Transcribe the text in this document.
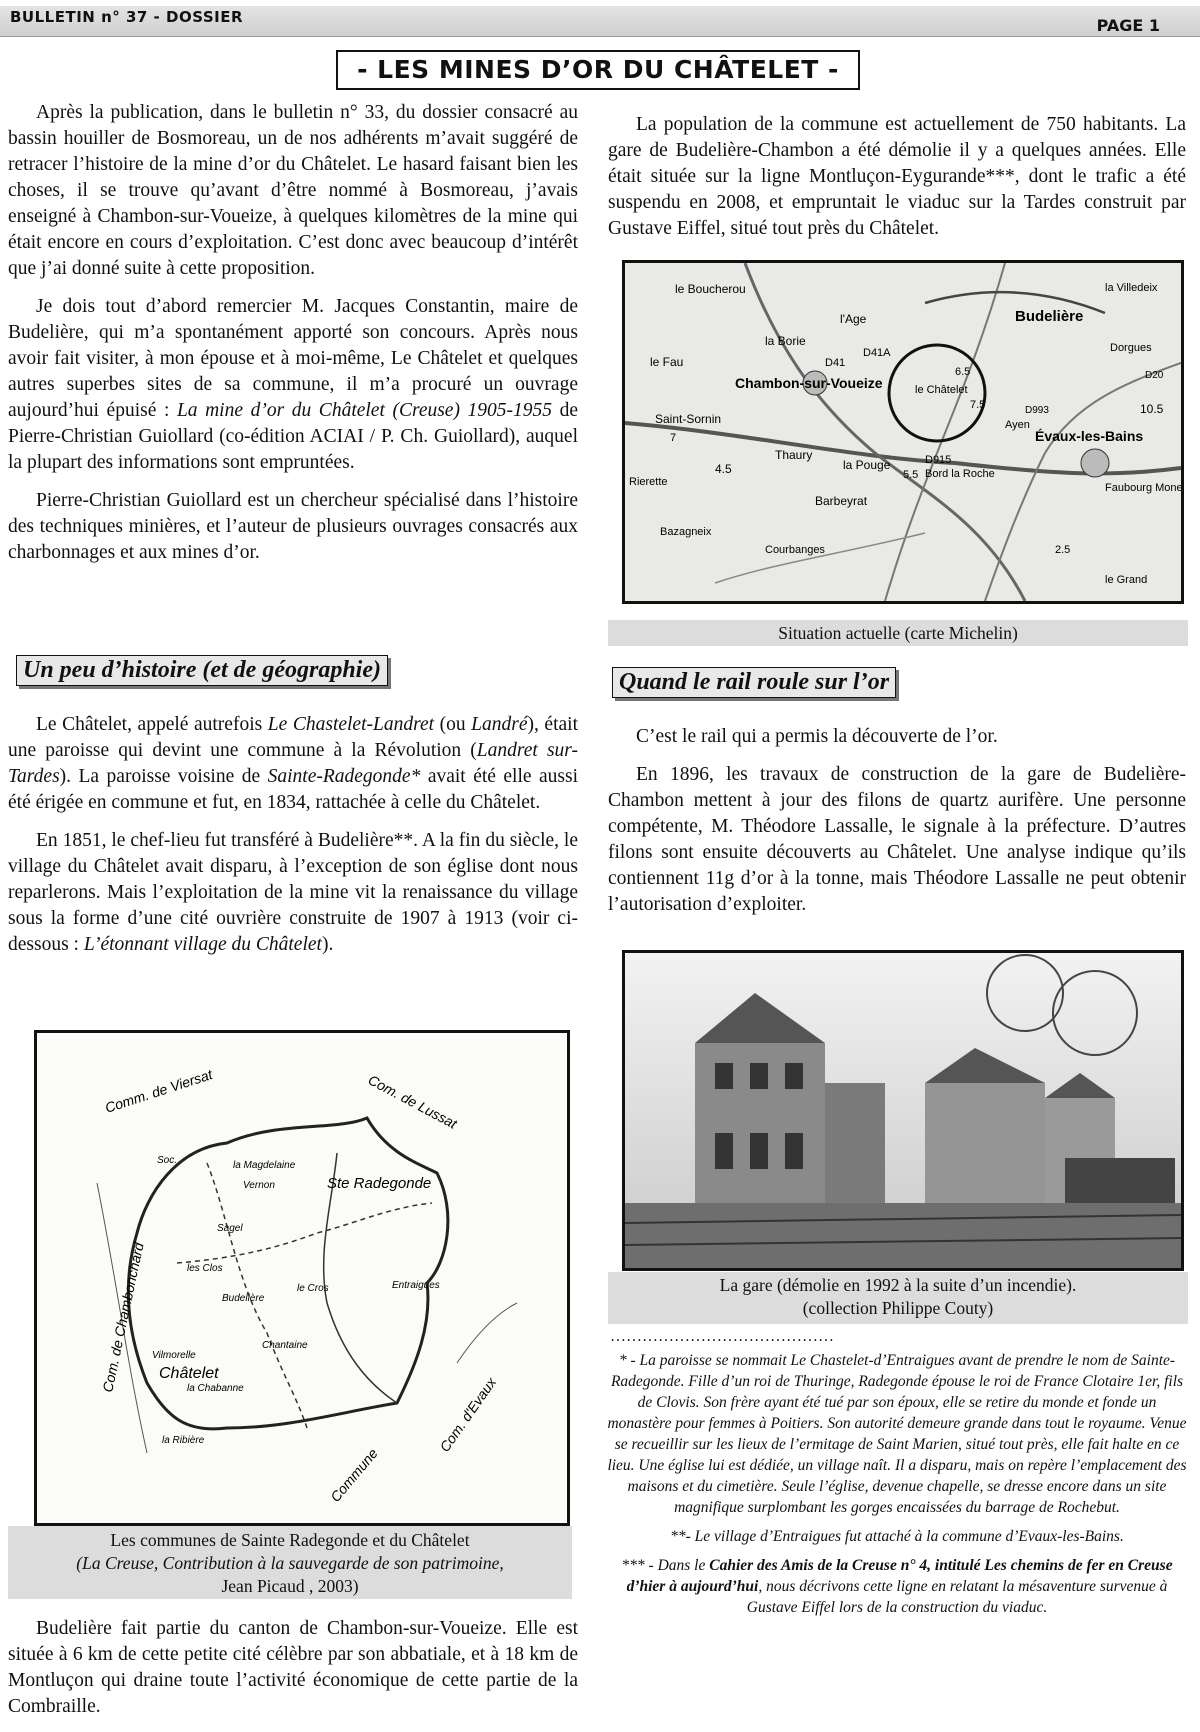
BULLETIN n° 37 - DOSSIER	PAGE 1
- LES MINES D’OR DU CHÂTELET -

Après la publication, dans le bulletin n° 33, du dossier consacré au bassin houiller de Bosmoreau, un de nos adhérents m’avait suggéré de retracer l’histoire de la mine d’or du Châtelet. Le hasard faisant bien les choses, il se trouve qu’avant d’être nommé à Bosmoreau, j’avais enseigné à Chambon-sur-Voueize, à quelques kilomètres de la mine qui était encore en cours d’exploitation. C’est donc avec beaucoup d’intérêt que j’ai donné suite à cette proposition.

Je dois tout d’abord remercier M. Jacques Constantin, maire de Budelière, qui m’a spontanément apporté son concours. Après nous avoir fait visiter, à mon épouse et à moi-même, Le Châtelet et quelques autres superbes sites de sa commune, il m’a procuré un ouvrage aujourd’hui épuisé : La mine d’or du Châtelet (Creuse) 1905-1955 de Pierre-Christian Guiollard (co-édition ACIAI / P. Ch. Guiollard), auquel la plupart des informations sont empruntées.

Pierre-Christian Guiollard est un chercheur spécialisé dans l’histoire des techniques minières, et l’auteur de plusieurs ouvrages consacrés aux charbonnages et aux mines d’or.

Un peu d’histoire (et de géographie)

Le Châtelet, appelé autrefois Le Chastelet-Landret (ou Landré), était une paroisse qui devint une commune à la Révolution (Landret sur-Tardes). La paroisse voisine de Sainte-Radegonde* avait été elle aussi été érigée en commune et fut, en 1834, rattachée à celle du Châtelet.

En 1851, le chef-lieu fut transféré à Budelière**. A la fin du siècle, le village du Châtelet avait disparu, à l’exception de son église dont nous reparlerons. Mais l’exploitation de la mine vit la renaissance du village sous la forme d’une cité ouvrière construite de 1907 à 1913 (voir ci-dessous : L’étonnant village du Châtelet).

Comm. de Viersat	Com. de Lussat
Com. de Chambonchard
Com. d'Evaux
Commune
Ste Radegonde
Châtelet
la Magdelaine
Vernon
Sagel
les Clos
Budelière
la Chabanne
Chantaine
Entraigues
Soc.
la Ribière
le Cros
Vilmorelle
Les communes de Sainte Radegonde et du Châtelet
(La Creuse, Contribution à la sauvegarde de son patrimoine,
Jean Picaud , 2003)

Budelière fait partie du canton de Chambon-sur-Voueize. Elle est située à 6 km de cette petite cité célèbre par son abbatiale, et à 18 km de Montluçon qui draine toute l’activité économique de cette partie de la Combraille.

La population de la commune est actuellement de 750 habitants. La gare de Budelière-Chambon a été démolie il y a quelques années. Elle était située sur la ligne Montluçon-Eygurande***, dont le trafic a été suspendu en 2008, et empruntait le viaduc sur la Tardes construit par Gustave Eiffel, situé tout près du Châtelet.

le Boucherou
l'Age	Budelière
la Villedeix
la Borie	Dorgues
le Fau	D41
D41A
Chambon-sur-Voueize	le Châtelet
Saint-Sornin	Ayen
Évaux-les-Bains
Thaury
la Pouge	D915
Bord la Roche
Barbeyrat
Rierette
Bazagneix
Faubourg Mone
Courbanges
le Grand
6.5
7.5	10.5
4.5	5.5
2.5
7
D993
D20
Situation actuelle (carte Michelin)
Quand le rail roule sur l’or

C’est le rail qui a permis la découverte de l’or.

En 1896, les travaux de construction de la gare de Budelière-Chambon mettent à jour des filons de quartz aurifère. Une personne compétente, M. Théodore Lassalle, le signale à la préfecture. D’autres filons sont ensuite découverts au Châtelet. Une analyse indique qu’ils contiennent 11g d’or à la tonne, mais Théodore Lassalle ne peut obtenir l’autorisation d’exploiter.

La gare (démolie en 1992 à la suite d’un incendie).
(collection Philippe Couty)
……………………………………

* - La paroisse se nommait Le Chastelet-d’Entraigues avant de prendre le nom de Sainte-Radegonde. Fille d’un roi de Thuringe, Radegonde épouse le roi de France Clotaire 1er, fils de Clovis. Son frère ayant été tué par son époux, elle se retire du monde et fonde un monastère pour femmes à Poitiers. Son autorité demeure grande dans tout le royaume. Venue se recueillir sur les lieux de l’ermitage de Saint Marien, situé tout près, elle fait halte en ce lieu. Une église lui est dédiée, un village naît. Il a disparu, mais on repère l’emplacement des maisons et du cimetière. Seule l’église, devenue chapelle, se dresse encore dans un site magnifique surplombant les gorges encaissées du barrage de Rochebut.

**- Le village d’Entraigues fut attaché à la commune d’Evaux-les-Bains.

*** - Dans le Cahier des Amis de la Creuse n° 4, intitulé Les chemins de fer en Creuse d’hier à aujourd’hui, nous décrivons cette ligne en relatant la mésaventure survenue à Gustave Eiffel lors de la construction du viaduc.
